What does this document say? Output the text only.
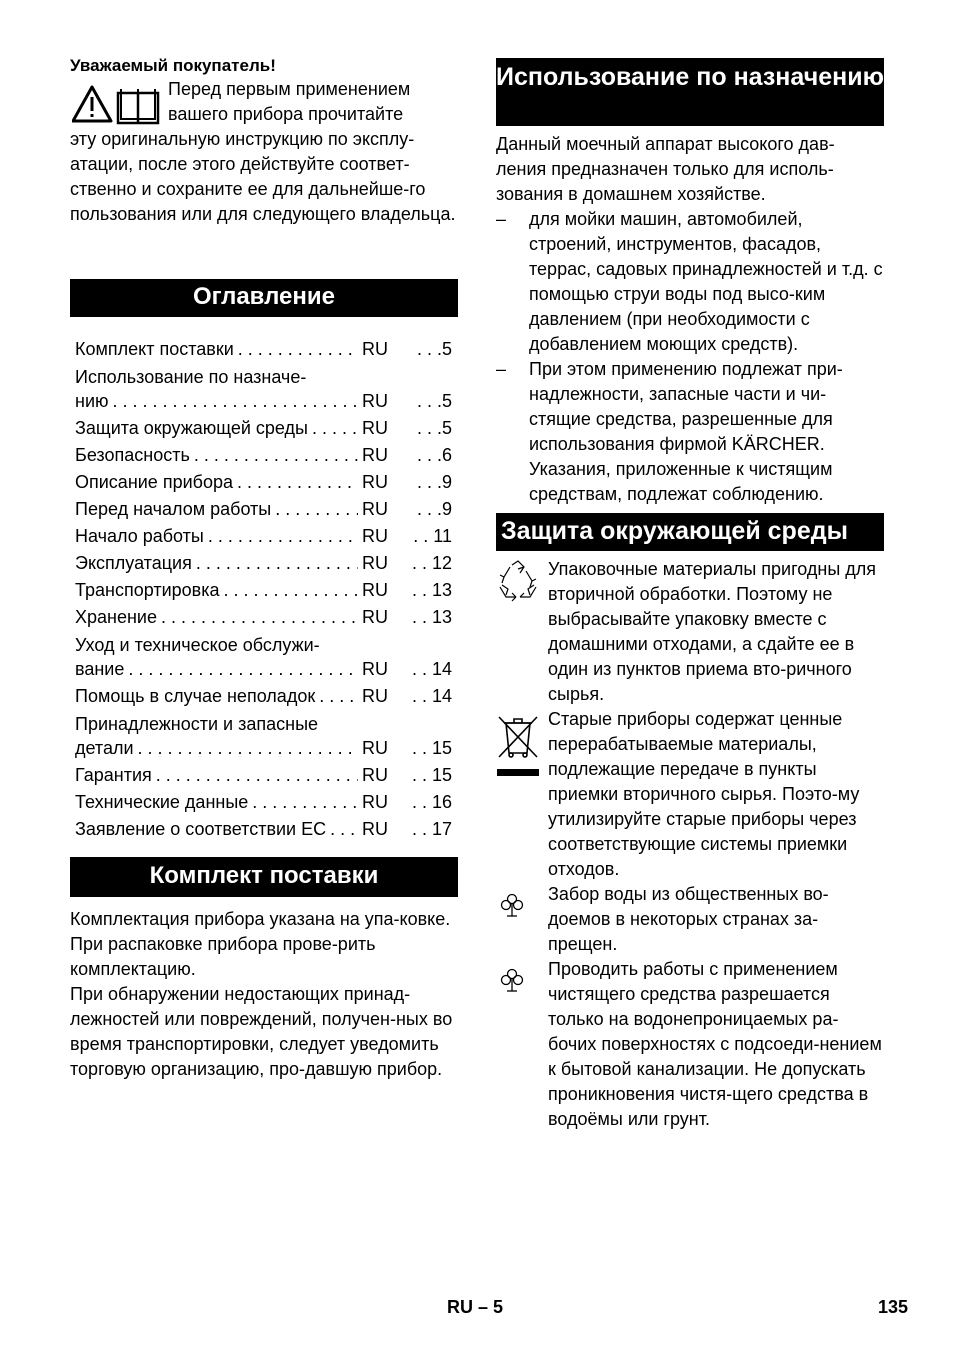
Уважаемый покупатель!
Перед первым применением вашего прибора прочитайте
эту оригинальную инструкцию по эксплу-атации, после этого действуйте соответ-ственно и сохраните ее для дальнейше-го пользования или для следующего владельца.
Оглавление
Комплект поставки . . .	RU	. . .5
Использование по назначе-
нию . . .	RU	. . .5
Защита окружающей среды . . .	RU	. . .5
Безопасность . . .	RU	. . .6
Описание прибора . . .	RU	. . .9
Перед началом работы . . .	RU	. . .9
Начало работы . . .	RU	. . 11
Эксплуатация . . .	RU	. . 12
Транспортировка . . .	RU	. . 13
Хранение . . .	RU	. . 13
Уход и техническое обслужи-
вание . . .	RU	. . 14
Помощь в случае неполадок . . .	RU	. . 14
Принадлежности и запасные
детали . . .	RU	. . 15
Гарантия . . .	RU	. . 15
Технические данные . . .	RU	. . 16
Заявление о соответствии ЕС . . .	RU	. . 17
Комплект поставки
Комплектация прибора указана на упа-ковке. При распаковке прибора прове-рить комплектацию.
При обнаружении недостающих принад-лежностей или повреждений, получен-ных во время транспортировки, следует уведомить торговую организацию, про-давшую прибор.
Использование по назначению
Данный моечный аппарат высокого дав-ления предназначен только для исполь-зования в домашнем хозяйстве.
–	для мойки машин, автомобилей, строений, инструментов, фасадов, террас, садовых принадлежностей и т.д. с помощью струи воды под высо-ким давлением (при необходимости с добавлением моющих средств).
–	При этом применению подлежат при-надлежности, запасные части и чи-стящие средства, разрешенные для использования фирмой KÄRCHER. Указания, приложенные к чистящим средствам, подлежат соблюдению.
Защита окружающей среды
Упаковочные материалы пригодны для вторичной обработки. Поэтому не выбрасывайте упаковку вместе с домашними отходами, а сдайте ее в один из пунктов приема вто-ричного сырья.
Старые приборы содержат ценные перерабатываемые материалы, подлежащие передаче в пункты приемки вторичного сырья. Поэто-му утилизируйте старые приборы через соответствующие системы приемки отходов.
Забор воды из общественных во-доемов в некоторых странах за-прещен.
Проводить работы с применением чистящего средства разрешается только на водонепроницаемых ра-бочих поверхностях с подсоеди-нением к бытовой канализации. Не допускать проникновения чистя-щего средства в водоёмы или грунт.
RU – 5	135
